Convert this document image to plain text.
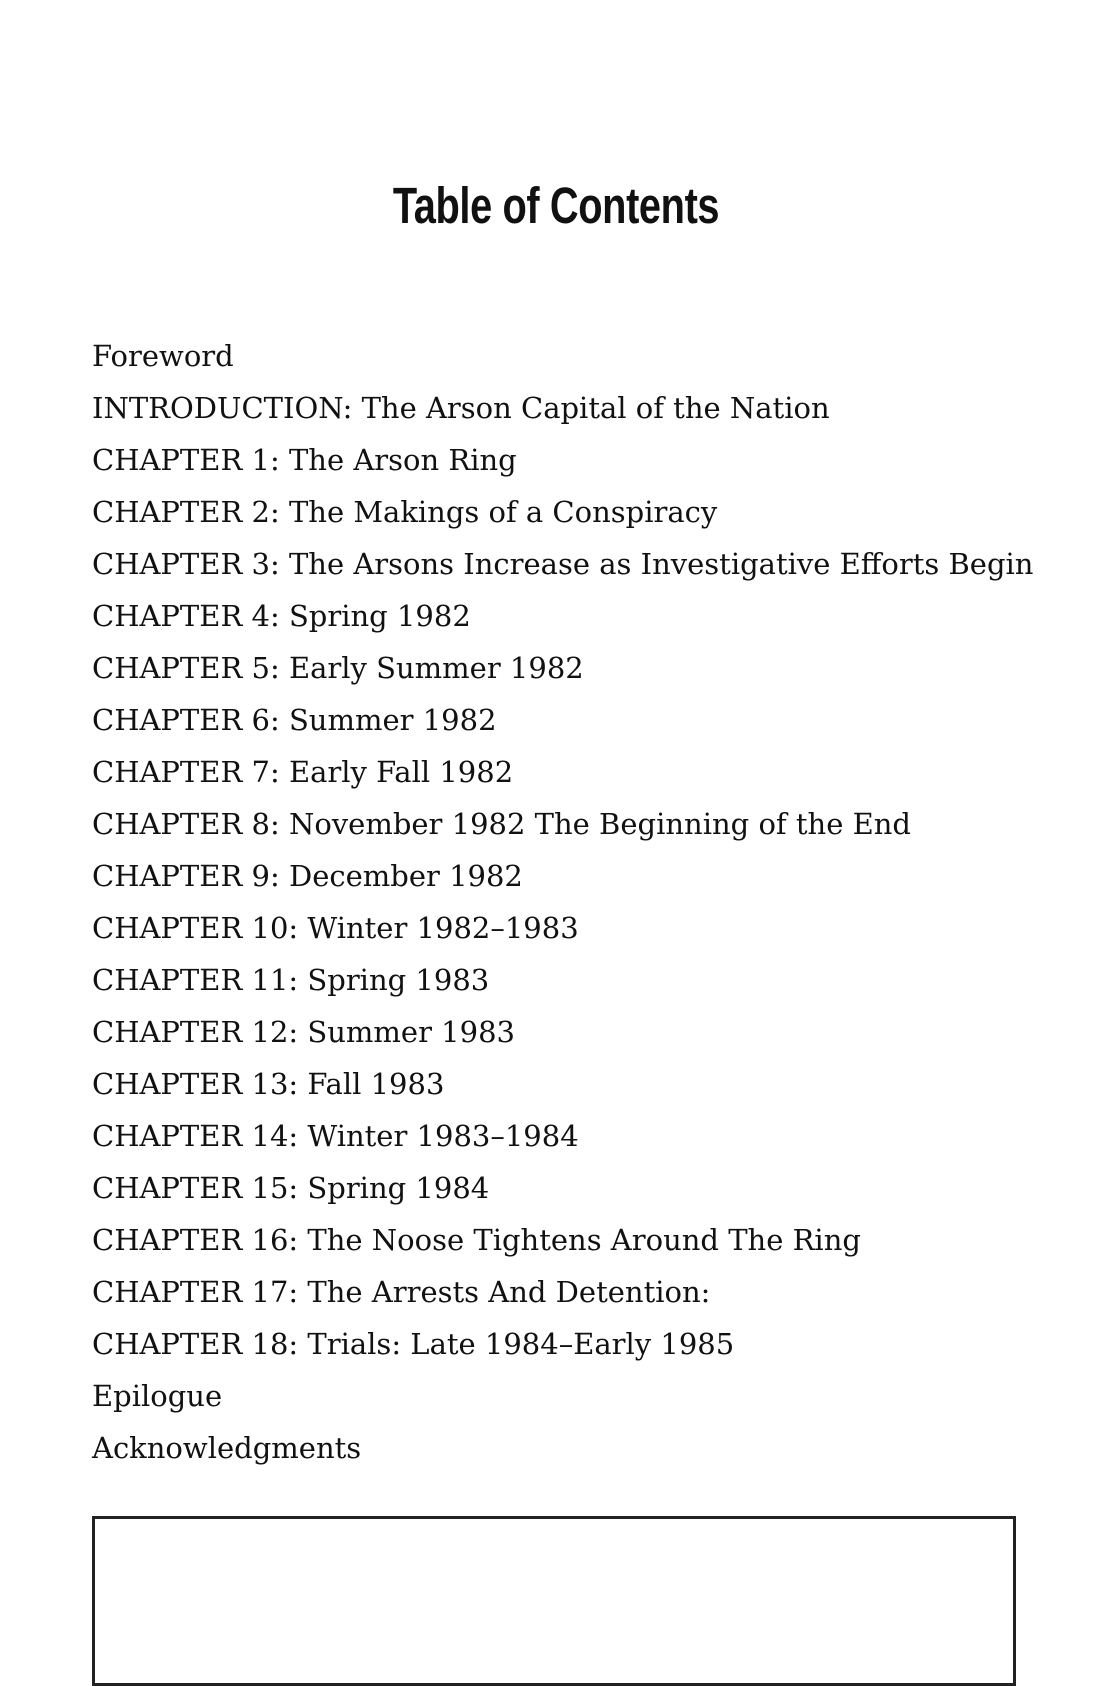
Table of Contents
Foreword
INTRODUCTION: The Arson Capital of the Nation
CHAPTER 1: The Arson Ring
CHAPTER 2: The Makings of a Conspiracy
CHAPTER 3: The Arsons Increase as Investigative Efforts Begin
CHAPTER 4: Spring 1982
CHAPTER 5: Early Summer 1982
CHAPTER 6: Summer 1982
CHAPTER 7: Early Fall 1982
CHAPTER 8: November 1982 The Beginning of the End
CHAPTER 9: December 1982
CHAPTER 10: Winter 1982–1983
CHAPTER 11: Spring 1983
CHAPTER 12: Summer 1983
CHAPTER 13: Fall 1983
CHAPTER 14: Winter 1983–1984
CHAPTER 15: Spring 1984
CHAPTER 16: The Noose Tightens Around The Ring
CHAPTER 17: The Arrests And Detention:
CHAPTER 18: Trials: Late 1984–Early 1985
Epilogue
Acknowledgments
